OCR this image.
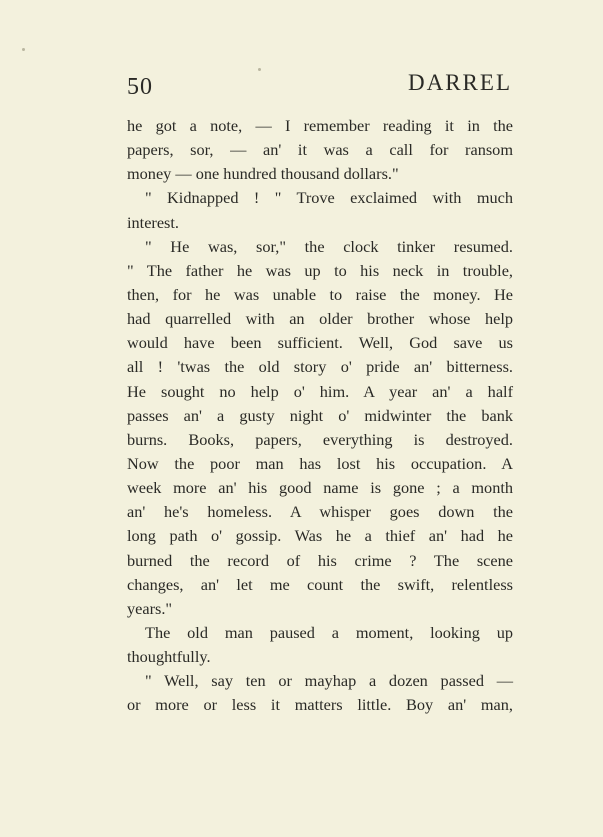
50	DARREL
he got a note, — I remember reading it in the
papers, sor, — an' it was a call for ransom
money — one hundred thousand dollars."
" Kidnapped ! " Trove exclaimed with much
interest.
" He was, sor," the clock tinker resumed.
" The father he was up to his neck in trouble,
then, for he was unable to raise the money. He
had quarrelled with an older brother whose help
would have been sufficient. Well, God save us
all ! 'twas the old story o' pride an' bitterness.
He sought no help o' him. A year an' a half
passes an' a gusty night o' midwinter the bank
burns. Books, papers, everything is destroyed.
Now the poor man has lost his occupation. A
week more an' his good name is gone ; a month
an' he's homeless. A whisper goes down the
long path o' gossip. Was he a thief an' had he
burned the record of his crime ? The scene
changes, an' let me count the swift, relentless
years."
The old man paused a moment, looking up
thoughtfully.
" Well, say ten or mayhap a dozen passed —
or more or less it matters little. Boy an' man,
